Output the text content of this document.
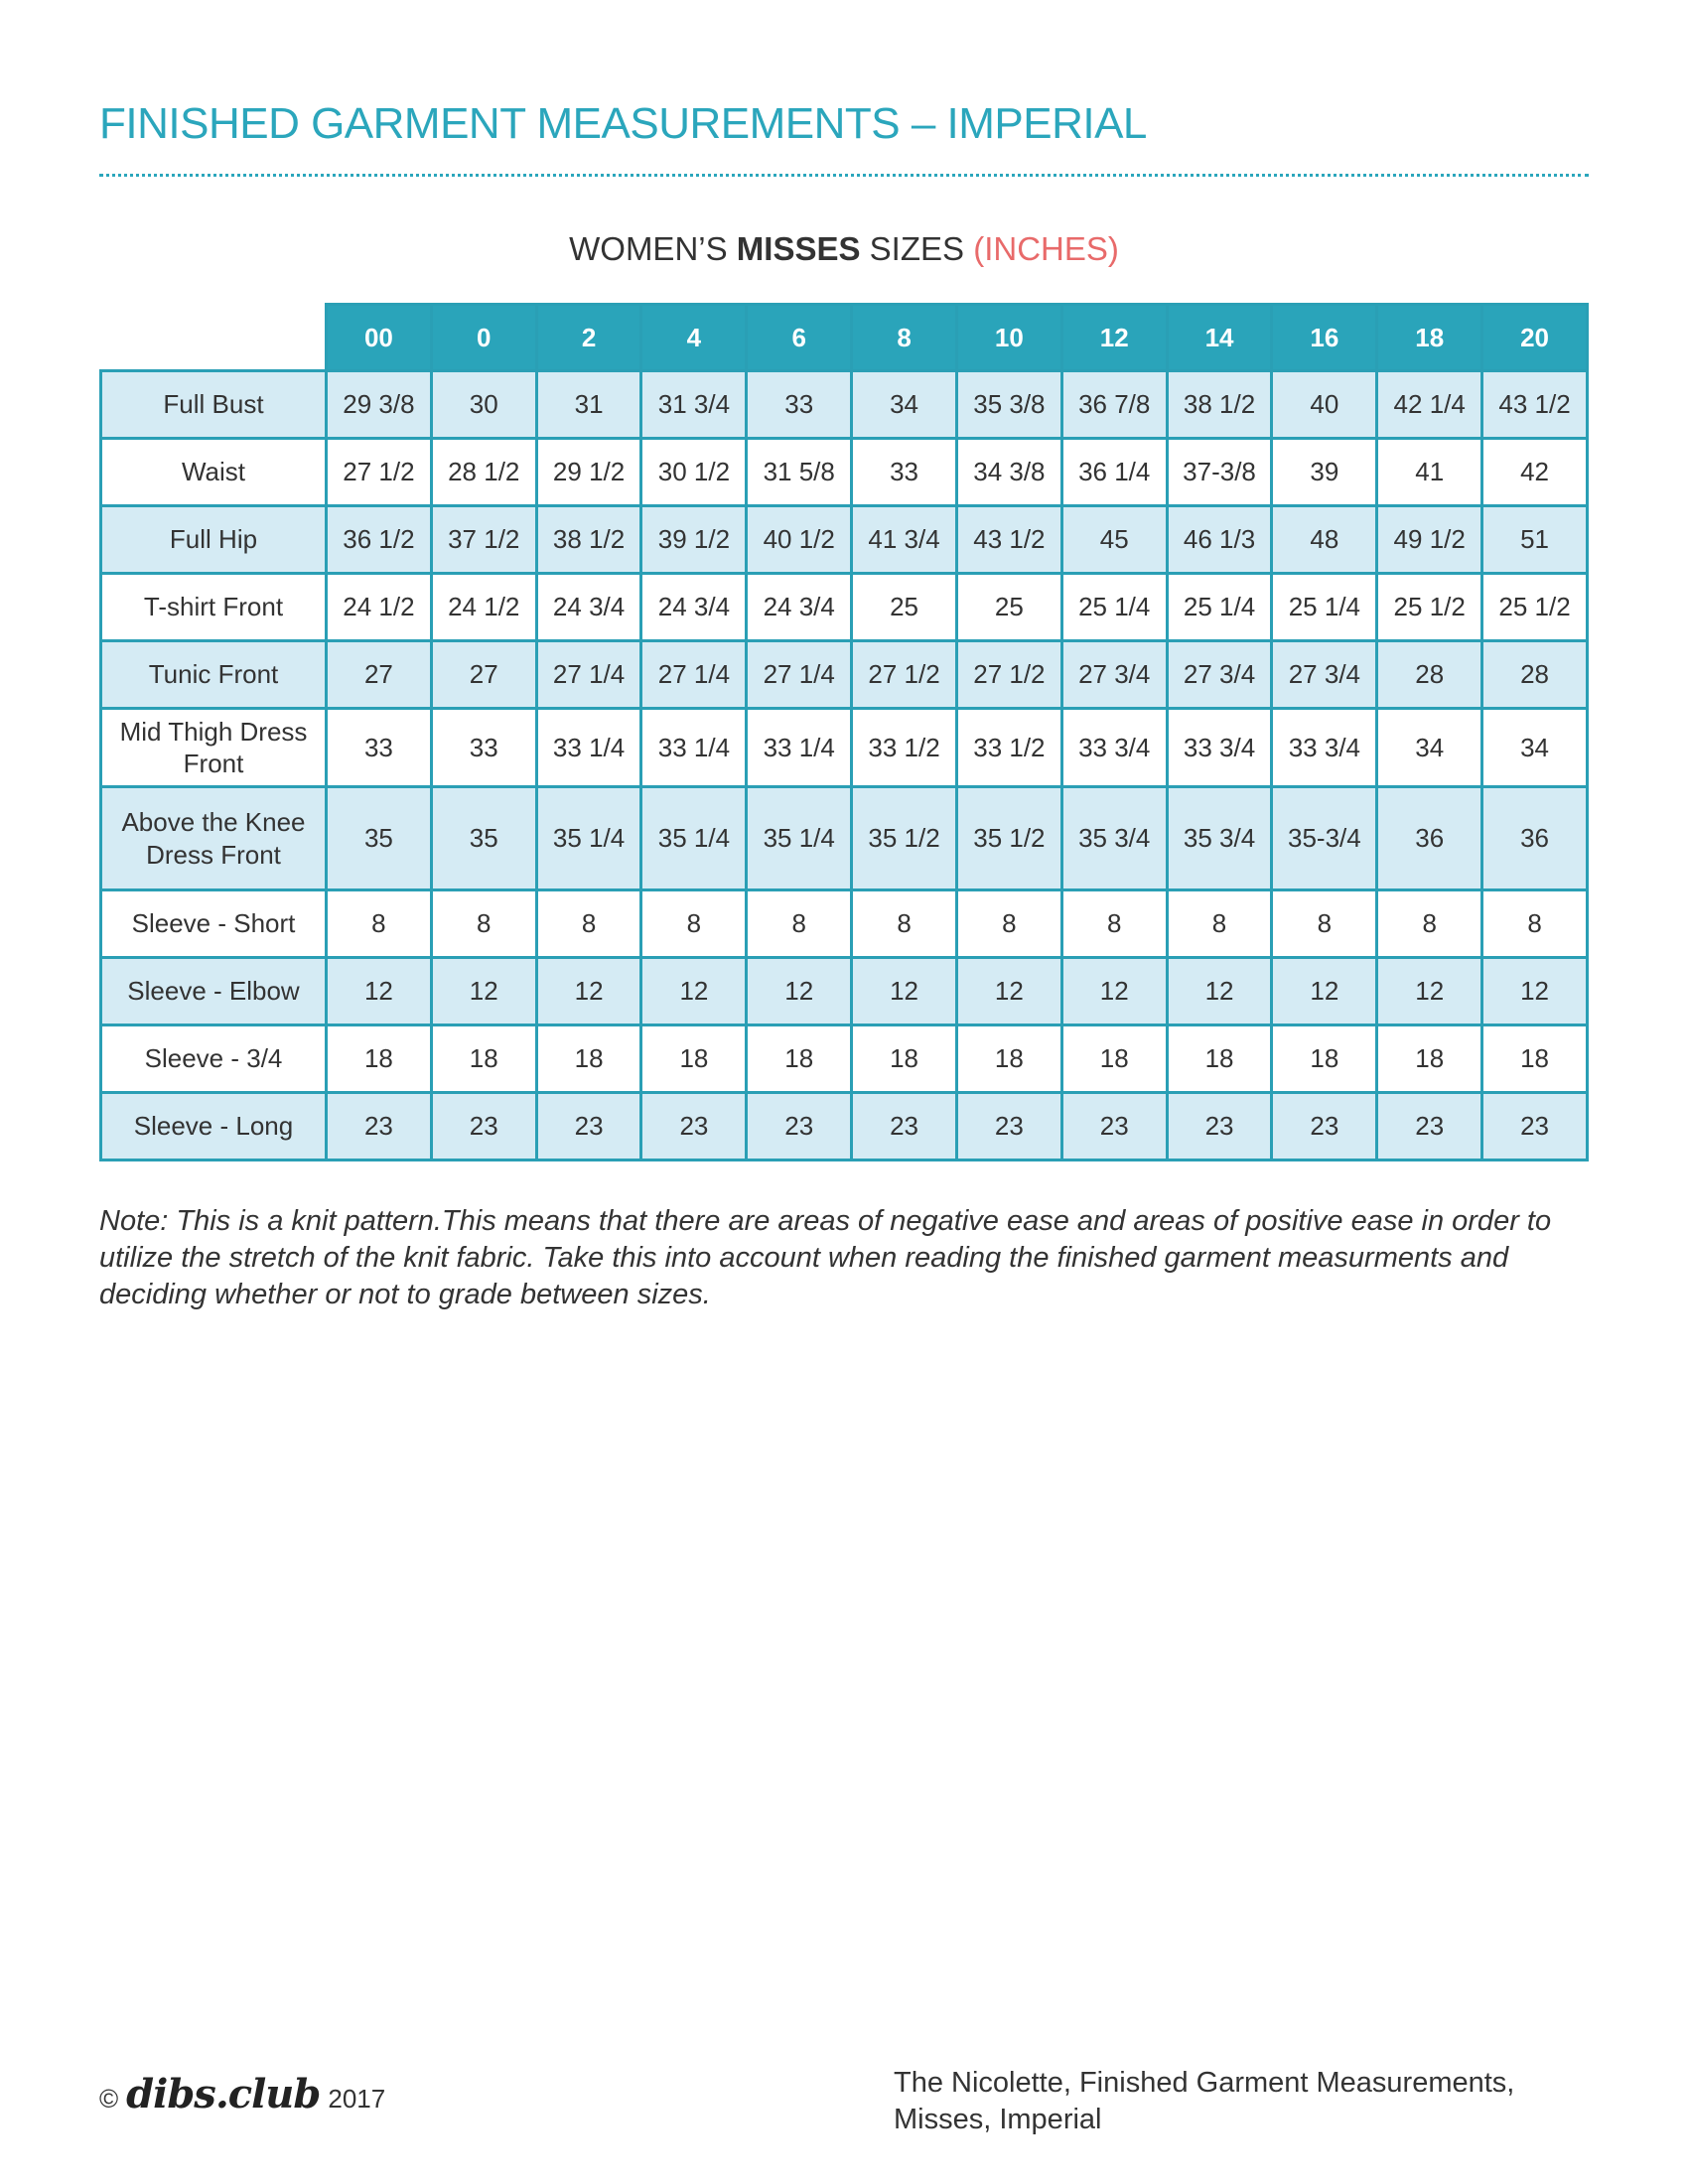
FINISHED GARMENT MEASUREMENTS – IMPERIAL
WOMEN’S MISSES SIZES (INCHES)
	00	0	2	4	6	8	10	12	14	16	18	20
Full Bust	29 3/8	30	31	31 3/4	33	34	35 3/8	36 7/8	38 1/2	40	42 1/4	43 1/2
Waist	27 1/2	28 1/2	29 1/2	30 1/2	31 5/8	33	34 3/8	36 1/4	37-3/8	39	41	42
Full Hip	36 1/2	37 1/2	38 1/2	39 1/2	40 1/2	41 3/4	43 1/2	45	46 1/3	48	49 1/2	51
T-shirt Front	24 1/2	24 1/2	24 3/4	24 3/4	24 3/4	25	25	25 1/4	25 1/4	25 1/4	25 1/2	25 1/2
Tunic Front	27	27	27 1/4	27 1/4	27 1/4	27 1/2	27 1/2	27 3/4	27 3/4	27 3/4	28	28
Mid Thigh Dress Front	33	33	33 1/4	33 1/4	33 1/4	33 1/2	33 1/2	33 3/4	33 3/4	33 3/4	34	34
Above the Knee Dress Front	35	35	35 1/4	35 1/4	35 1/4	35 1/2	35 1/2	35 3/4	35 3/4	35-3/4	36	36
Sleeve - Short	8	8	8	8	8	8	8	8	8	8	8	8
Sleeve - Elbow	12	12	12	12	12	12	12	12	12	12	12	12
Sleeve - 3/4	18	18	18	18	18	18	18	18	18	18	18	18
Sleeve - Long	23	23	23	23	23	23	23	23	23	23	23	23

Note: This is a knit pattern.This means that there are areas of negative ease and areas of positive ease in order to utilize the stretch of the knit fabric. Take this into account when reading the finished garment measurments and deciding whether or not to grade between sizes.

© dibs.club 2017	The Nicolette, Finished Garment Measurements,
Misses, Imperial
